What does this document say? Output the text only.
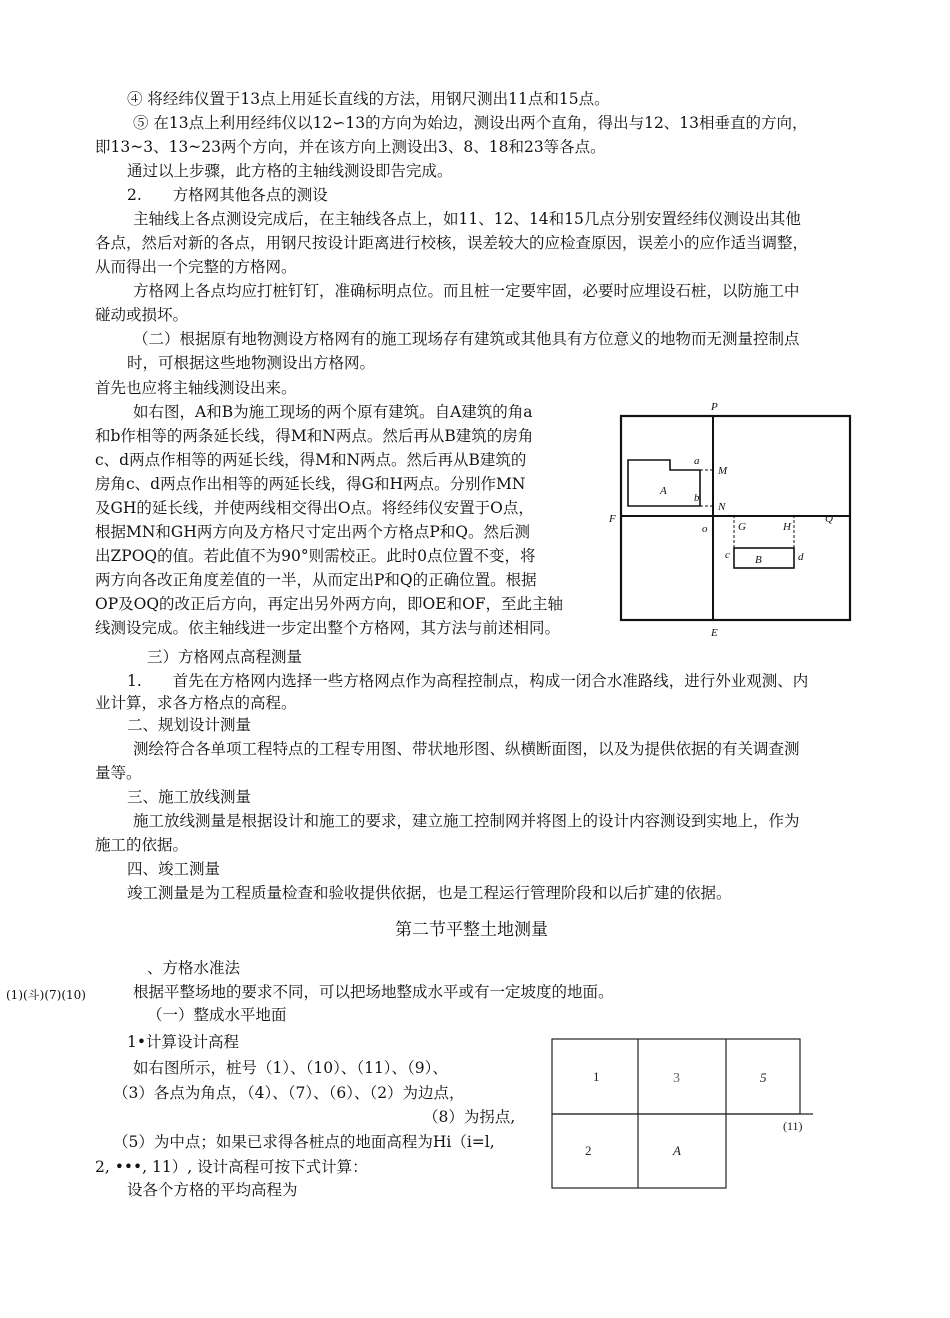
④ 将经纬仪置于13点上用延长直线的方法，用钢尺测出11点和15点。
⑤ 在13点上利用经纬仪以12∽13的方向为始边，测设出两个直角，得出与12、13相垂直的方向，
即13~3、13~23两个方向，并在该方向上测设出3、8、18和23等各点。
通过以上步骤，此方格的主轴线测设即告完成。
2.　　方格网其他各点的测设
主轴线上各点测设完成后，在主轴线各点上，如11、12、14和15几点分别安置经纬仪测设出其他
各点，然后对新的各点，用钢尺按设计距离进行校核，误差较大的应检查原因，误差小的应作适当调整，
从而得出一个完整的方格网。
方格网上各点均应打桩钉钉，准确标明点位。而且桩一定要牢固，必要时应埋设石桩，以防施工中
碰动或损坏。
（二）根据原有地物测设方格网有的施工现场存有建筑或其他具有方位意义的地物而无测量控制点
时，可根据这些地物测设出方格网。
首先也应将主轴线测设出来。
如右图，A和B为施工现场的两个原有建筑。自A建筑的角a
和b作相等的两条延长线，得M和N两点。然后再从B建筑的房角
c、d两点作相等的两延长线，得M和N两点。然后再从B建筑的
房角c、d两点作出相等的两延长线，得G和H两点。分别作MN
及GH的延长线，并使两线相交得出O点。将经纬仪安置于O点，
根据MN和GH两方向及方格尺寸定出两个方格点P和Q。然后测
出ZPOQ的值。若此值不为90°则需校正。此时0点位置不变，将
两方向各改正角度差值的一半，从而定出P和Q的正确位置。根据
OP及OQ的改正后方向，再定出另外两方向，即OE和OF，至此主轴
线测设完成。依主轴线进一步定出整个方格网，其方法与前述相同。
P
Q
E
F
A
B
a
b
M
N
o	G	H
c	d
三）方格网点高程测量
1.　　首先在方格网内选择一些方格网点作为高程控制点，构成一闭合水准路线，进行外业观测、内
业计算，求各方格点的高程。
二、规划设计测量
测绘符合各单项工程特点的工程专用图、带状地形图、纵横断面图，以及为提供依据的有关调查测
量等。
三、施工放线测量
施工放线测量是根据设计和施工的要求，建立施工控制网并将图上的设计内容测设到实地上，作为
施工的依据。
四、竣工测量
竣工测量是为工程质量检查和验收提供依据，也是工程运行管理阶段和以后扩建的依据。
第二节平整土地测量
、方格水准法
(1)(斗)(7)(10)	根据平整场地的要求不同，可以把场地整成水平或有一定坡度的地面。
（一）整成水平地面
1•计算设计高程
如右图所示，桩号（1）、（10）、（11）、（9）、
（3）各点为角点，（4）、（7）、（6）、（2）为边点，
（8）为拐点,
（5）为中点；如果已求得各桩点的地面高程为Hi（i=l,
2, •••, 11）, 设计高程可按下式计算：
设各个方格的平均高程为
1	3	5
2	A
(11)
